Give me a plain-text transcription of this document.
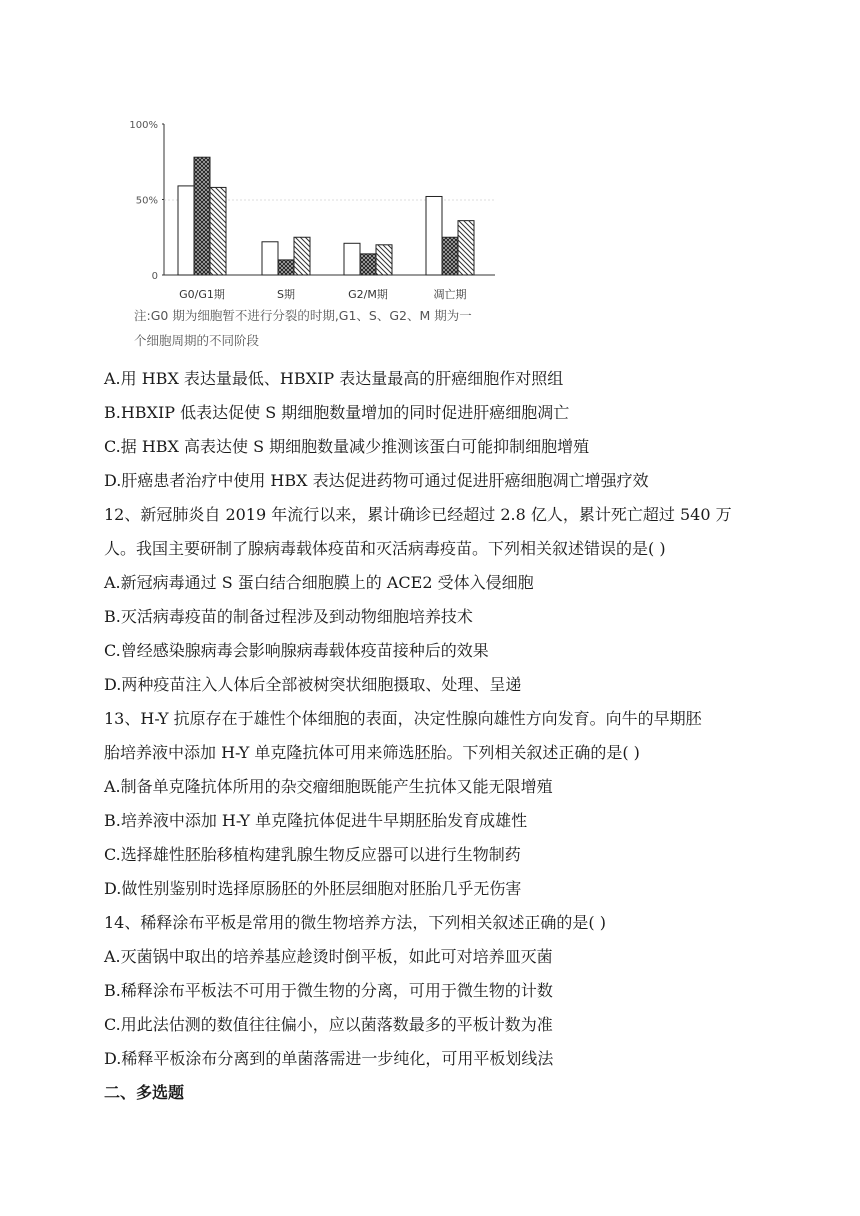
100%
50%
0
G0/G1期	S期	G2/M期	凋亡期
注:G0 期为细胞暂不进行分裂的时期,G1、S、G2、M 期为一
个细胞周期的不同阶段
A.用 HBX 表达量最低、HBXIP 表达量最高的肝癌细胞作对照组
B.HBXIP 低表达促使 S 期细胞数量增加的同时促进肝癌细胞凋亡
C.据 HBX 高表达使 S 期细胞数量减少推测该蛋白可能抑制细胞增殖
D.肝癌患者治疗中使用 HBX 表达促进药物可通过促进肝癌细胞凋亡增强疗效
12、新冠肺炎自 2019 年流行以来，累计确诊已经超过 2.8 亿人，累计死亡超过 540 万
人。我国主要研制了腺病毒载体疫苗和灭活病毒疫苗。下列相关叙述错误的是( )
A.新冠病毒通过 S 蛋白结合细胞膜上的 ACE2 受体入侵细胞
B.灭活病毒疫苗的制备过程涉及到动物细胞培养技术
C.曾经感染腺病毒会影响腺病毒载体疫苗接种后的效果
D.两种疫苗注入人体后全部被树突状细胞摄取、处理、呈递
13、H-Y 抗原存在于雄性个体细胞的表面，决定性腺向雄性方向发育。向牛的早期胚
胎培养液中添加 H-Y 单克隆抗体可用来筛选胚胎。下列相关叙述正确的是( )
A.制备单克隆抗体所用的杂交瘤细胞既能产生抗体又能无限增殖
B.培养液中添加 H-Y 单克隆抗体促进牛早期胚胎发育成雄性
C.选择雄性胚胎移植构建乳腺生物反应器可以进行生物制药
D.做性别鉴别时选择原肠胚的外胚层细胞对胚胎几乎无伤害
14、稀释涂布平板是常用的微生物培养方法，下列相关叙述正确的是( )
A.灭菌锅中取出的培养基应趁烫时倒平板，如此可对培养皿灭菌
B.稀释涂布平板法不可用于微生物的分离，可用于微生物的计数
C.用此法估测的数值往往偏小，应以菌落数最多的平板计数为准
D.稀释平板涂布分离到的单菌落需进一步纯化，可用平板划线法
二、多选题
